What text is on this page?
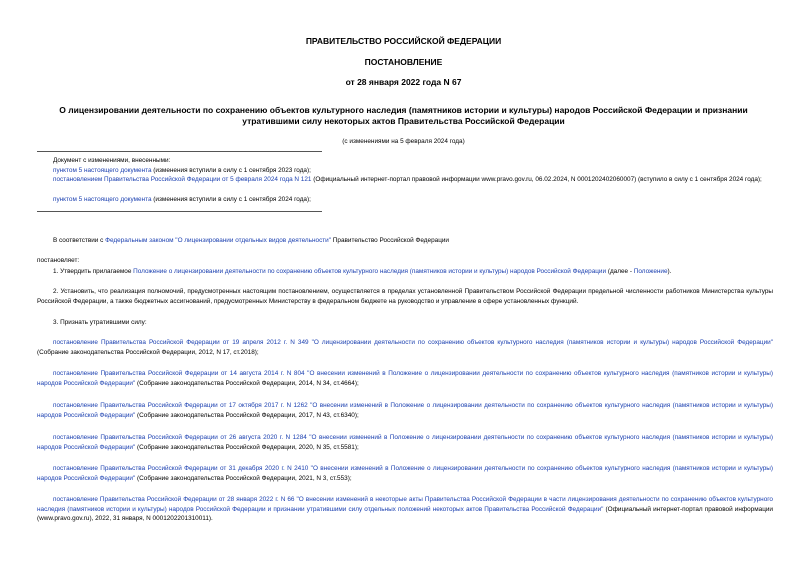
ПРАВИТЕЛЬСТВО РОССИЙСКОЙ ФЕДЕРАЦИИ
ПОСТАНОВЛЕНИЕ
от 28 января 2022 года N 67
О лицензировании деятельности по сохранению объектов культурного наследия (памятников истории и культуры) народов Российской Федерации и признании утратившими силу некоторых актов Правительства Российской Федерации
(с изменениями на 5 февраля 2024 года)
Документ с изменениями, внесенными:
пунктом 5 настоящего документа (изменения вступили в силу с 1 сентября 2023 года);
постановлением Правительства Российской Федерации от 5 февраля 2024 года N 121 (Официальный интернет-портал правовой информации www.pravo.gov.ru, 06.02.2024, N 0001202402060007) (вступило в силу с 1 сентября 2024 года);
пунктом 5 настоящего документа (изменения вступили в силу с 1 сентября 2024 года);
В соответствии с Федеральным законом "О лицензировании отдельных видов деятельности" Правительство Российской Федерации
постановляет:
1. Утвердить прилагаемое Положение о лицензировании деятельности по сохранению объектов культурного наследия (памятников истории и культуры) народов Российской Федерации (далее - Положение).
2. Установить, что реализация полномочий, предусмотренных настоящим постановлением, осуществляется в пределах установленной Правительством Российской Федерации предельной численности работников Министерства культуры Российской Федерации, а также бюджетных ассигнований, предусмотренных Министерству в федеральном бюджете на руководство и управление в сфере установленных функций.
3. Признать утратившими силу:
постановление Правительства Российской Федерации от 19 апреля 2012 г. N 349 "О лицензировании деятельности по сохранению объектов культурного наследия (памятников истории и культуры) народов Российской Федерации" (Собрание законодательства Российской Федерации, 2012, N 17, ст.2018);
постановление Правительства Российской Федерации от 14 августа 2014 г. N 804 "О внесении изменений в Положение о лицензировании деятельности по сохранению объектов культурного наследия (памятников истории и культуры) народов Российской Федерации" (Собрание законодательства Российской Федерации, 2014, N 34, ст.4664);
постановление Правительства Российской Федерации от 17 октября 2017 г. N 1262 "О внесении изменений в Положение о лицензировании деятельности по сохранению объектов культурного наследия (памятников истории и культуры) народов Российской Федерации" (Собрание законодательства Российской Федерации, 2017, N 43, ст.6340);
постановление Правительства Российской Федерации от 26 августа 2020 г. N 1284 "О внесении изменений в Положение о лицензировании деятельности по сохранению объектов культурного наследия (памятников истории и культуры) народов Российской Федерации" (Собрание законодательства Российской Федерации, 2020, N 35, ст.5581);
постановление Правительства Российской Федерации от 31 декабря 2020 г. N 2410 "О внесении изменений в Положение о лицензировании деятельности по сохранению объектов культурного наследия (памятников истории и культуры) народов Российской Федерации" (Собрание законодательства Российской Федерации, 2021, N 3, ст.553);
постановление Правительства Российской Федерации от 28 января 2022 г. N 66 "О внесении изменений в некоторые акты Правительства Российской Федерации в части лицензирования деятельности по сохранению объектов культурного наследия (памятников истории и культуры) народов Российской Федерации и признании утратившими силу отдельных положений некоторых актов Правительства Российской Федерации" (Официальный интернет-портал правовой информации (www.pravo.gov.ru), 2022, 31 января, N 0001202201310011).
